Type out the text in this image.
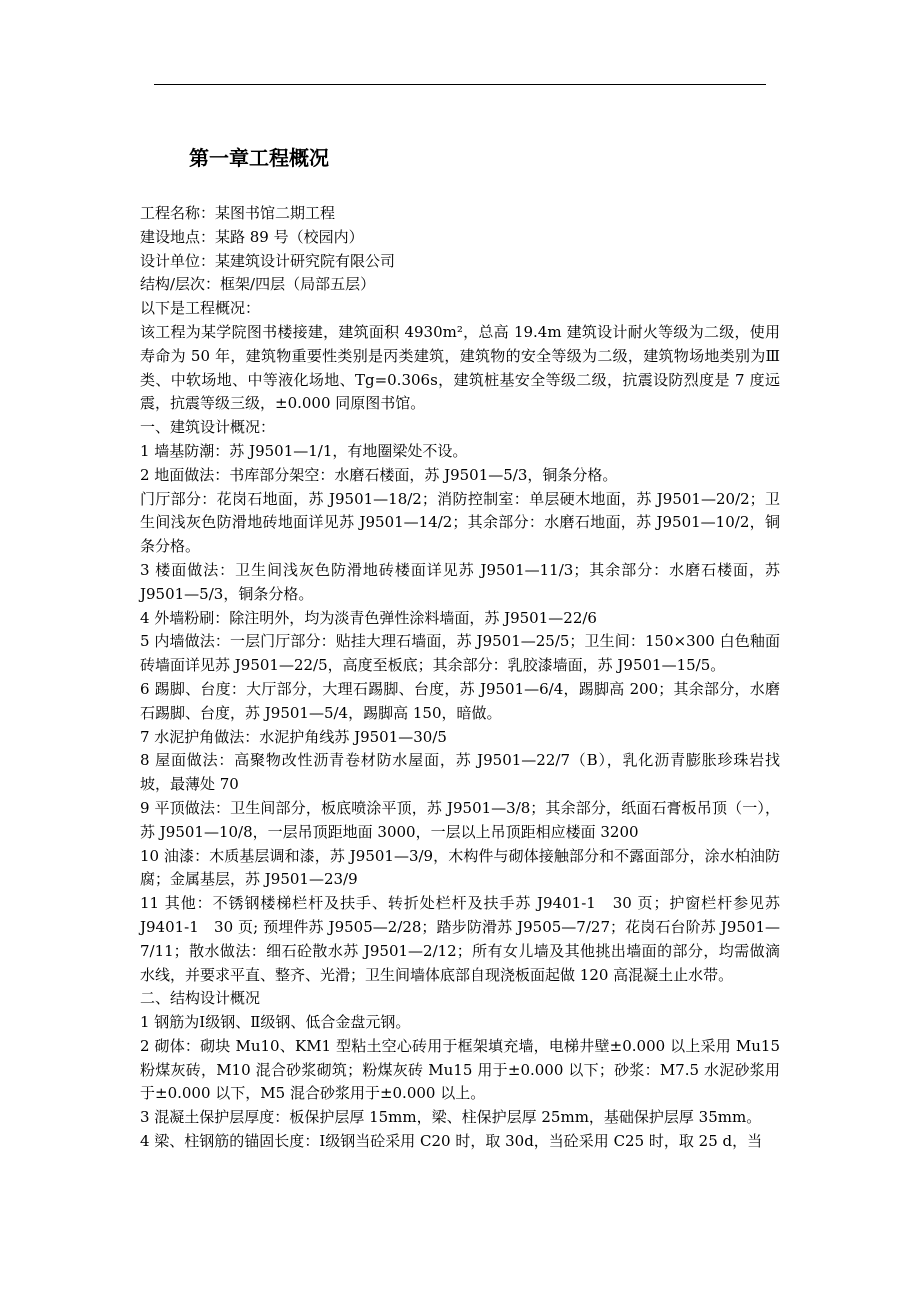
第一章工程概况

工程名称：某图书馆二期工程

建设地点：某路 89 号（校园内）

设计单位：某建筑设计研究院有限公司

结构/层次：框架/四层（局部五层）

以下是工程概况：

该工程为某学院图书楼接建，建筑面积 4930m²，总高 19.4m 建筑设计耐火等级为二级，使用寿命为 50 年，建筑物重要性类别是丙类建筑，建筑物的安全等级为二级，建筑物场地类别为Ⅲ类、中软场地、中等液化场地、Tg=0.306s，建筑桩基安全等级二级，抗震设防烈度是 7 度远震，抗震等级三级，±0.000 同原图书馆。

一、建筑设计概况：

1 墙基防潮：苏 J9501—1/1，有地圈梁处不设。

2 地面做法：书库部分架空：水磨石楼面，苏 J9501—5/3，铜条分格。

门厅部分：花岗石地面，苏 J9501—18/2；消防控制室：单层硬木地面，苏 J9501—20/2；卫生间浅灰色防滑地砖地面详见苏 J9501—14/2；其余部分：水磨石地面，苏 J9501—10/2，铜条分格。

3 楼面做法：卫生间浅灰色防滑地砖楼面详见苏 J9501—11/3；其余部分：水磨石楼面，苏 J9501—5/3，铜条分格。

4 外墙粉刷：除注明外，均为淡青色弹性涂料墙面，苏 J9501—22/6

5 内墙做法：一层门厅部分：贴挂大理石墙面，苏 J9501—25/5；卫生间：150×300 白色釉面砖墙面详见苏 J9501—22/5，高度至板底；其余部分：乳胶漆墙面，苏 J9501—15/5。

6 踢脚、台度：大厅部分，大理石踢脚、台度，苏 J9501—6/4，踢脚高 200；其余部分，水磨石踢脚、台度，苏 J9501—5/4，踢脚高 150，暗做。

7 水泥护角做法：水泥护角线苏 J9501—30/5

8 屋面做法：高聚物改性沥青卷材防水屋面，苏 J9501—22/7（B），乳化沥青膨胀珍珠岩找坡，最薄处 70

9 平顶做法：卫生间部分，板底喷涂平顶，苏 J9501—3/8；其余部分，纸面石膏板吊顶（一），苏 J9501—10/8，一层吊顶距地面 3000，一层以上吊顶距相应楼面 3200

10 油漆：木质基层调和漆，苏 J9501—3/9，木构件与砌体接触部分和不露面部分，涂水柏油防腐；金属基层，苏 J9501—23/9

11 其他：不锈钢楼梯栏杆及扶手、转折处栏杆及扶手苏 J9401-1　30 页；护窗栏杆参见苏 J9401-1　30 页; 预埋件苏 J9505—2/28；踏步防滑苏 J9505—7/27；花岗石台阶苏 J9501—7/11；散水做法：细石砼散水苏 J9501—2/12；所有女儿墙及其他挑出墙面的部分，均需做滴水线，并要求平直、整齐、光滑；卫生间墙体底部自现浇板面起做 120 高混凝土止水带。

二、结构设计概况

1 钢筋为Ⅰ级钢、Ⅱ级钢、低合金盘元钢。

2 砌体：砌块 Mu10、KM1 型粘土空心砖用于框架填充墙，电梯井壁±0.000 以上采用 Mu15 粉煤灰砖，M10 混合砂浆砌筑；粉煤灰砖 Mu15 用于±0.000 以下；砂浆：M7.5 水泥砂浆用于±0.000 以下，M5 混合砂浆用于±0.000 以上。

3 混凝土保护层厚度：板保护层厚 15mm，梁、柱保护层厚 25mm，基础保护层厚 35mm。

4 梁、柱钢筋的锚固长度：Ⅰ级钢当砼采用 C20 时，取 30d，当砼采用 C25 时，取 25 d，当
